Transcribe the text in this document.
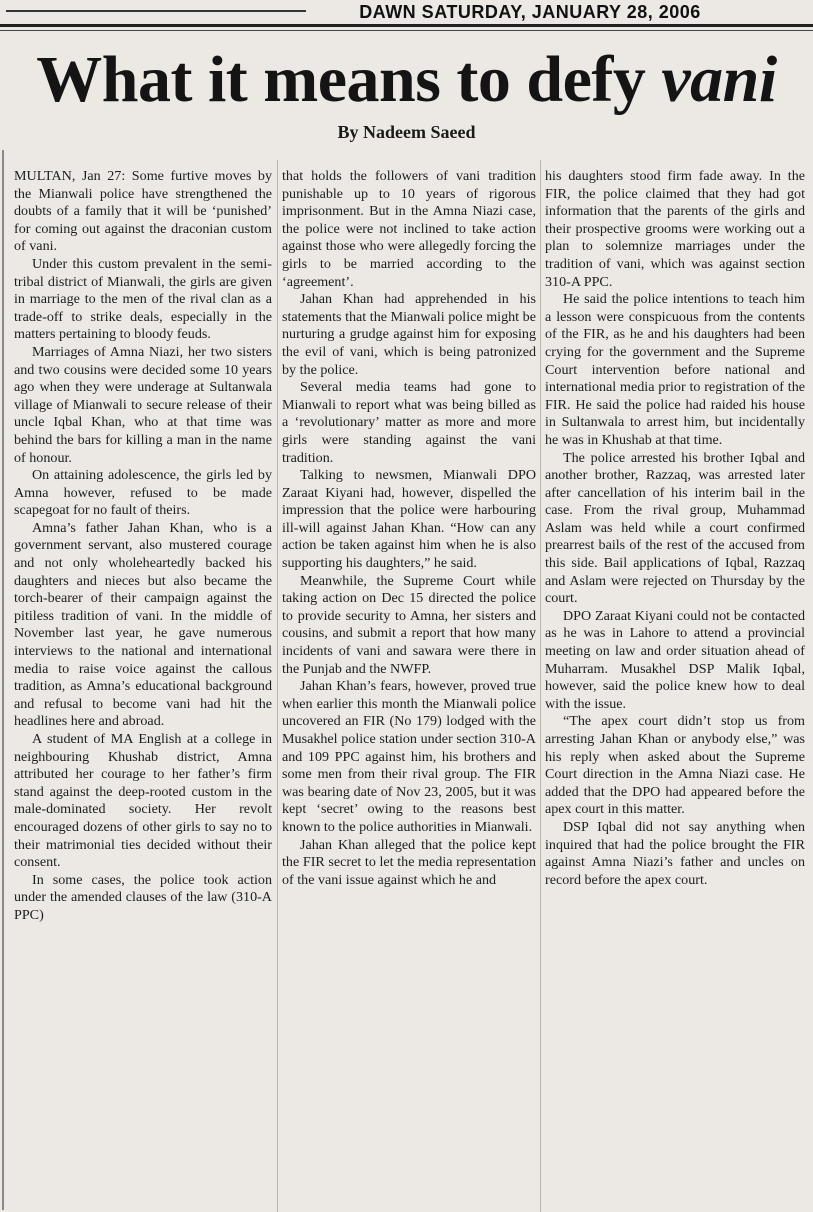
DAWN SATURDAY, JANUARY 28, 2006
What it means to defy vani
By Nadeem Saeed

MULTAN, Jan 27: Some furtive moves by the Mianwali police have strengthened the doubts of a family that it will be ‘punished’ for coming out against the draconian custom of vani.

Under this custom prevalent in the semi-tribal district of Mianwali, the girls are given in marriage to the men of the rival clan as a trade-off to strike deals, especially in the matters pertaining to bloody feuds.

Marriages of Amna Niazi, her two sisters and two cousins were decided some 10 years ago when they were underage at Sultanwala village of Mianwali to secure release of their uncle Iqbal Khan, who at that time was behind the bars for killing a man in the name of honour.

On attaining adolescence, the girls led by Amna however, refused to be made scapegoat for no fault of theirs.

Amna’s father Jahan Khan, who is a government servant, also mustered courage and not only wholeheartedly backed his daughters and nieces but also became the torch-bearer of their campaign against the pitiless tradition of vani. In the middle of November last year, he gave numerous interviews to the national and international media to raise voice against the callous tradition, as Amna’s educational background and refusal to become vani had hit the headlines here and abroad.

A student of MA English at a college in neighbouring Khushab district, Amna attributed her courage to her father’s firm stand against the deep-rooted custom in the male-dominated society. Her revolt encouraged dozens of other girls to say no to their matrimonial ties decided without their consent.

In some cases, the police took action under the amended clauses of the law (310-A PPC)

that holds the followers of vani tradition punishable up to 10 years of rigorous imprisonment. But in the Amna Niazi case, the police were not inclined to take action against those who were allegedly forcing the girls to be married according to the ‘agreement’.

Jahan Khan had apprehended in his statements that the Mianwali police might be nurturing a grudge against him for exposing the evil of vani, which is being patronized by the police.

Several media teams had gone to Mianwali to report what was being billed as a ‘revolutionary’ matter as more and more girls were standing against the vani tradition.

Talking to newsmen, Mianwali DPO Zaraat Kiyani had, however, dispelled the impression that the police were harbouring ill-will against Jahan Khan. “How can any action be taken against him when he is also supporting his daughters,” he said.

Meanwhile, the Supreme Court while taking action on Dec 15 directed the police to provide security to Amna, her sisters and cousins, and submit a report that how many incidents of vani and sawara were there in the Punjab and the NWFP.

Jahan Khan’s fears, however, proved true when earlier this month the Mianwali police uncovered an FIR (No 179) lodged with the Musakhel police station under section 310-A and 109 PPC against him, his brothers and some men from their rival group. The FIR was bearing date of Nov 23, 2005, but it was kept ‘secret’ owing to the reasons best known to the police authorities in Mianwali.

Jahan Khan alleged that the police kept the FIR secret to let the media representation of the vani issue against which he and

his daughters stood firm fade away. In the FIR, the police claimed that they had got information that the parents of the girls and their prospective grooms were working out a plan to solemnize marriages under the tradition of vani, which was against section 310-A PPC.

He said the police intentions to teach him a lesson were conspicuous from the contents of the FIR, as he and his daughters had been crying for the government and the Supreme Court intervention before national and international media prior to registration of the FIR. He said the police had raided his house in Sultanwala to arrest him, but incidentally he was in Khushab at that time.

The police arrested his brother Iqbal and another brother, Razzaq, was arrested later after cancellation of his interim bail in the case. From the rival group, Muhammad Aslam was held while a court confirmed prearrest bails of the rest of the accused from this side. Bail applications of Iqbal, Razzaq and Aslam were rejected on Thursday by the court.

DPO Zaraat Kiyani could not be contacted as he was in Lahore to attend a provincial meeting on law and order situation ahead of Muharram. Musakhel DSP Malik Iqbal, however, said the police knew how to deal with the issue.

“The apex court didn’t stop us from arresting Jahan Khan or anybody else,” was his reply when asked about the Supreme Court direction in the Amna Niazi case. He added that the DPO had appeared before the apex court in this matter.

DSP Iqbal did not say anything when inquired that had the police brought the FIR against Amna Niazi’s father and uncles on record before the apex court.
